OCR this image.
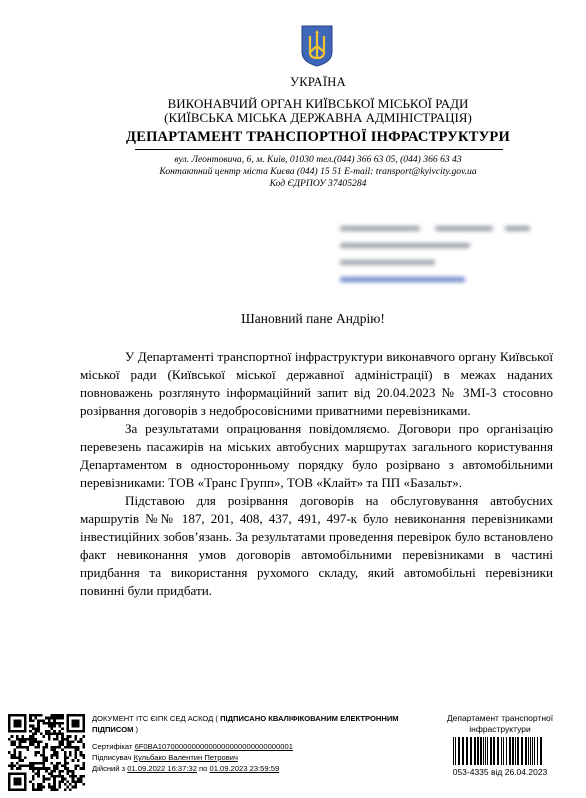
УКРАЇНА
ВИКОНАВЧИЙ ОРГАН КИЇВСЬКОЇ МІСЬКОЇ РАДИ
(КИЇВСЬКА МІСЬКА ДЕРЖАВНА АДМІНІСТРАЦІЯ)
ДЕПАРТАМЕНТ ТРАНСПОРТНОЇ ІНФРАСТРУКТУРИ
вул. Леонтовича, 6, м. Київ, 01030 тел.(044) 366 63 05, (044) 366 63 43
Контактний центр міста Києва (044) 15 51 E-mail: transport@kyivcity.gov.ua
Код ЄДРПОУ 37405284
Шановний пане Андрію!

У Департаменті транспортної інфраструктури виконавчого органу Київської міської ради (Київської міської державної адміністрації) в межах наданих повноважень розглянуто інформаційний запит від 20.04.2023 № ЗМІ-3 стосовно розірвання договорів з недобросовісними приватними перевізниками.

За результатами опрацювання повідомляємо. Договори про організацію перевезень пасажирів на міських автобусних маршрутах загального користування Департаментом в односторонньому порядку було розірвано з автомобільними перевізниками: ТОВ «Транс Групп», ТОВ «Клайт» та ПП «Базальт».

Підставою для розірвання договорів на обслуговування автобусних маршрутів №№ 187, 201, 408, 437, 491, 497-к було невиконання перевізниками інвестиційних зобов’язань. За результатами проведення перевірок було встановлено факт невиконання умов договорів автомобільними перевізниками в частині придбання та використання рухомого складу, який автомобільні перевізники повинні були придбати.

ДОКУМЕНТ ІТС ЄІПК СЕД АСКОД ( ПІДПИСАНО КВАЛІФІКОВАНИМ ЕЛЕКТРОННИМ ПІДПИСОМ )
Сертифікат 6F0BA10700000000000000000000000000001
Підписувач Кульбако Валентин Петрович
Дійсний з 01.09.2022 16:37:32 по 01.09.2023 23:59:59
Департамент транспортної інфраструктури
053-4335 від 26.04.2023
